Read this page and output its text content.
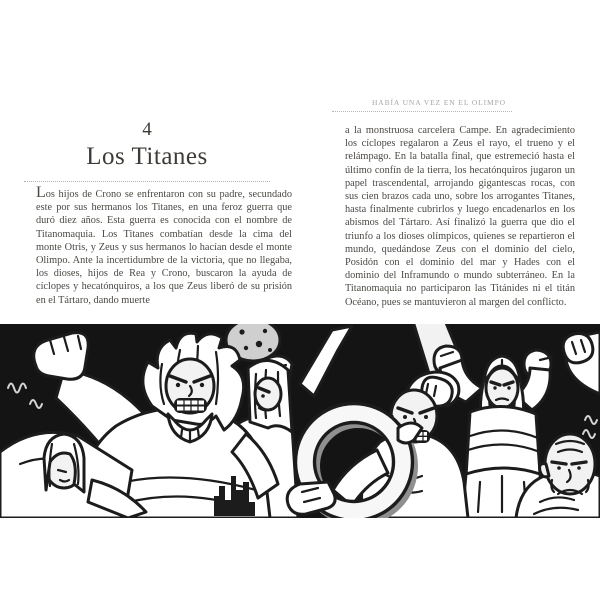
4
Los Titanes
Los hijos de Crono se enfrentaron con su padre, secundado este por sus hermanos los Titanes, en una feroz guerra que duró diez años. Esta guerra es conocida con el nombre de Titanomaquia. Los Titanes combatían desde la cima del monte Otris, y Zeus y sus hermanos lo hacían desde el monte Olimpo. Ante la incertidumbre de la victoria, que no llegaba, los dioses, hijos de Rea y Crono, buscaron la ayuda de cíclopes y hecatónquiros, a los que Zeus liberó de su prisión en el Tártaro, dando muerte
HABÍA UNA VEZ EN EL OLIMPO
a la monstruosa carcelera Campe. En agradecimiento los cíclopes regalaron a Zeus el rayo, el trueno y el relámpago. En la batalla final, que estremeció hasta el último confín de la tierra, los hecatónquiros jugaron un papel trascendental, arrojando gigantescas rocas, con sus cien brazos cada uno, sobre los arrogantes Titanes, hasta finalmente cubrirlos y luego encadenarlos en los abismos del Tártaro. Así finalizó la guerra que dio el triunfo a los dioses olímpicos, quienes se repartieron el mundo, quedándose Zeus con el dominio del cielo, Posidón con el dominio del mar y Hades con el dominio del Inframundo o mundo subterráneo. En la Titanomaquia no participaron las Titánides ni el titán Océano, pues se mantuvieron al margen del conflicto.
